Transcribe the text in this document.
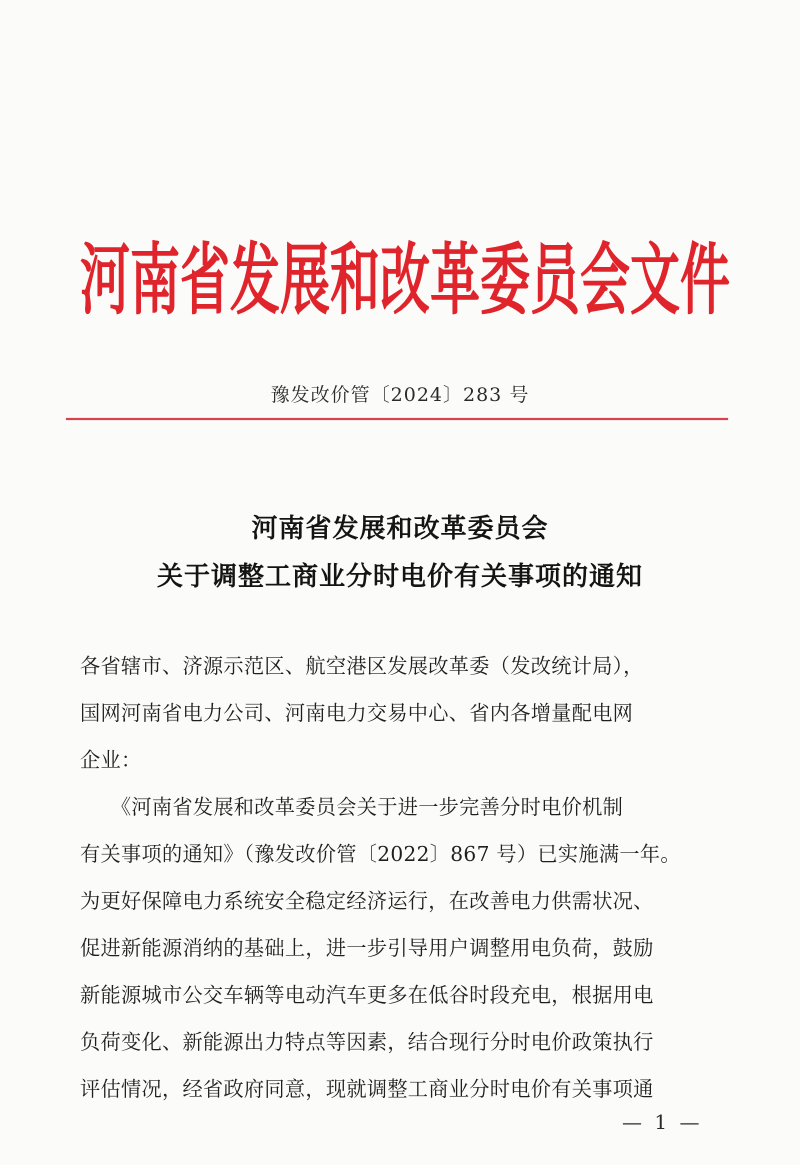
河南省发展和改革委员会文件
豫发改价管〔2024〕283 号
河南省发展和改革委员会
关于调整工商业分时电价有关事项的通知
各省辖市、济源示范区、航空港区发展改革委（发改统计局），
国网河南省电力公司、河南电力交易中心、省内各增量配电网
企业：
　　《河南省发展和改革委员会关于进一步完善分时电价机制
有关事项的通知》（豫发改价管〔2022〕867 号）已实施满一年。
为更好保障电力系统安全稳定经济运行，在改善电力供需状况、
促进新能源消纳的基础上，进一步引导用户调整用电负荷，鼓励
新能源城市公交车辆等电动汽车更多在低谷时段充电，根据用电
负荷变化、新能源出力特点等因素，结合现行分时电价政策执行
评估情况，经省政府同意，现就调整工商业分时电价有关事项通
— 1 —
